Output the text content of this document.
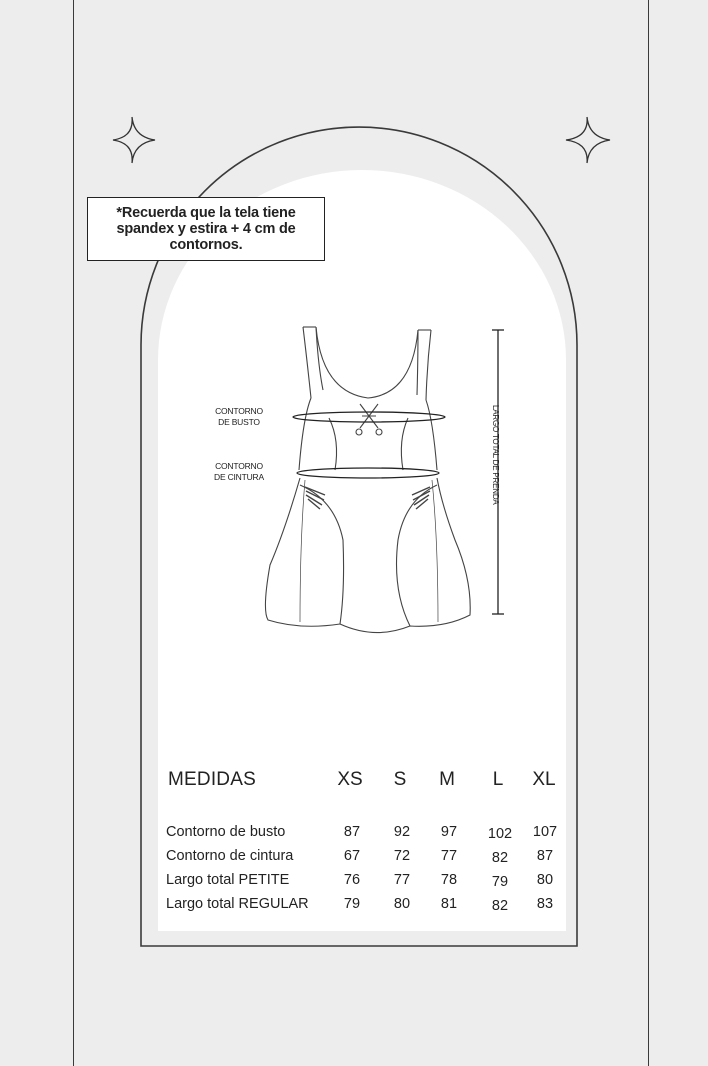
*Recuerda que la tela tiene
spandex y estira + 4 cm de
contornos.
CONTORNO
DE BUSTO
CONTORNO
DE CINTURA	LARGO TOTAL DE PRENDA
MEDIDAS	XS	S	M	L	XL
Contorno de busto	87	92	97	102	107
Contorno de cintura	67	72	77	82	87
Largo total PETITE	76	77	78	79	80
Largo total REGULAR	79	80	81	82	83
